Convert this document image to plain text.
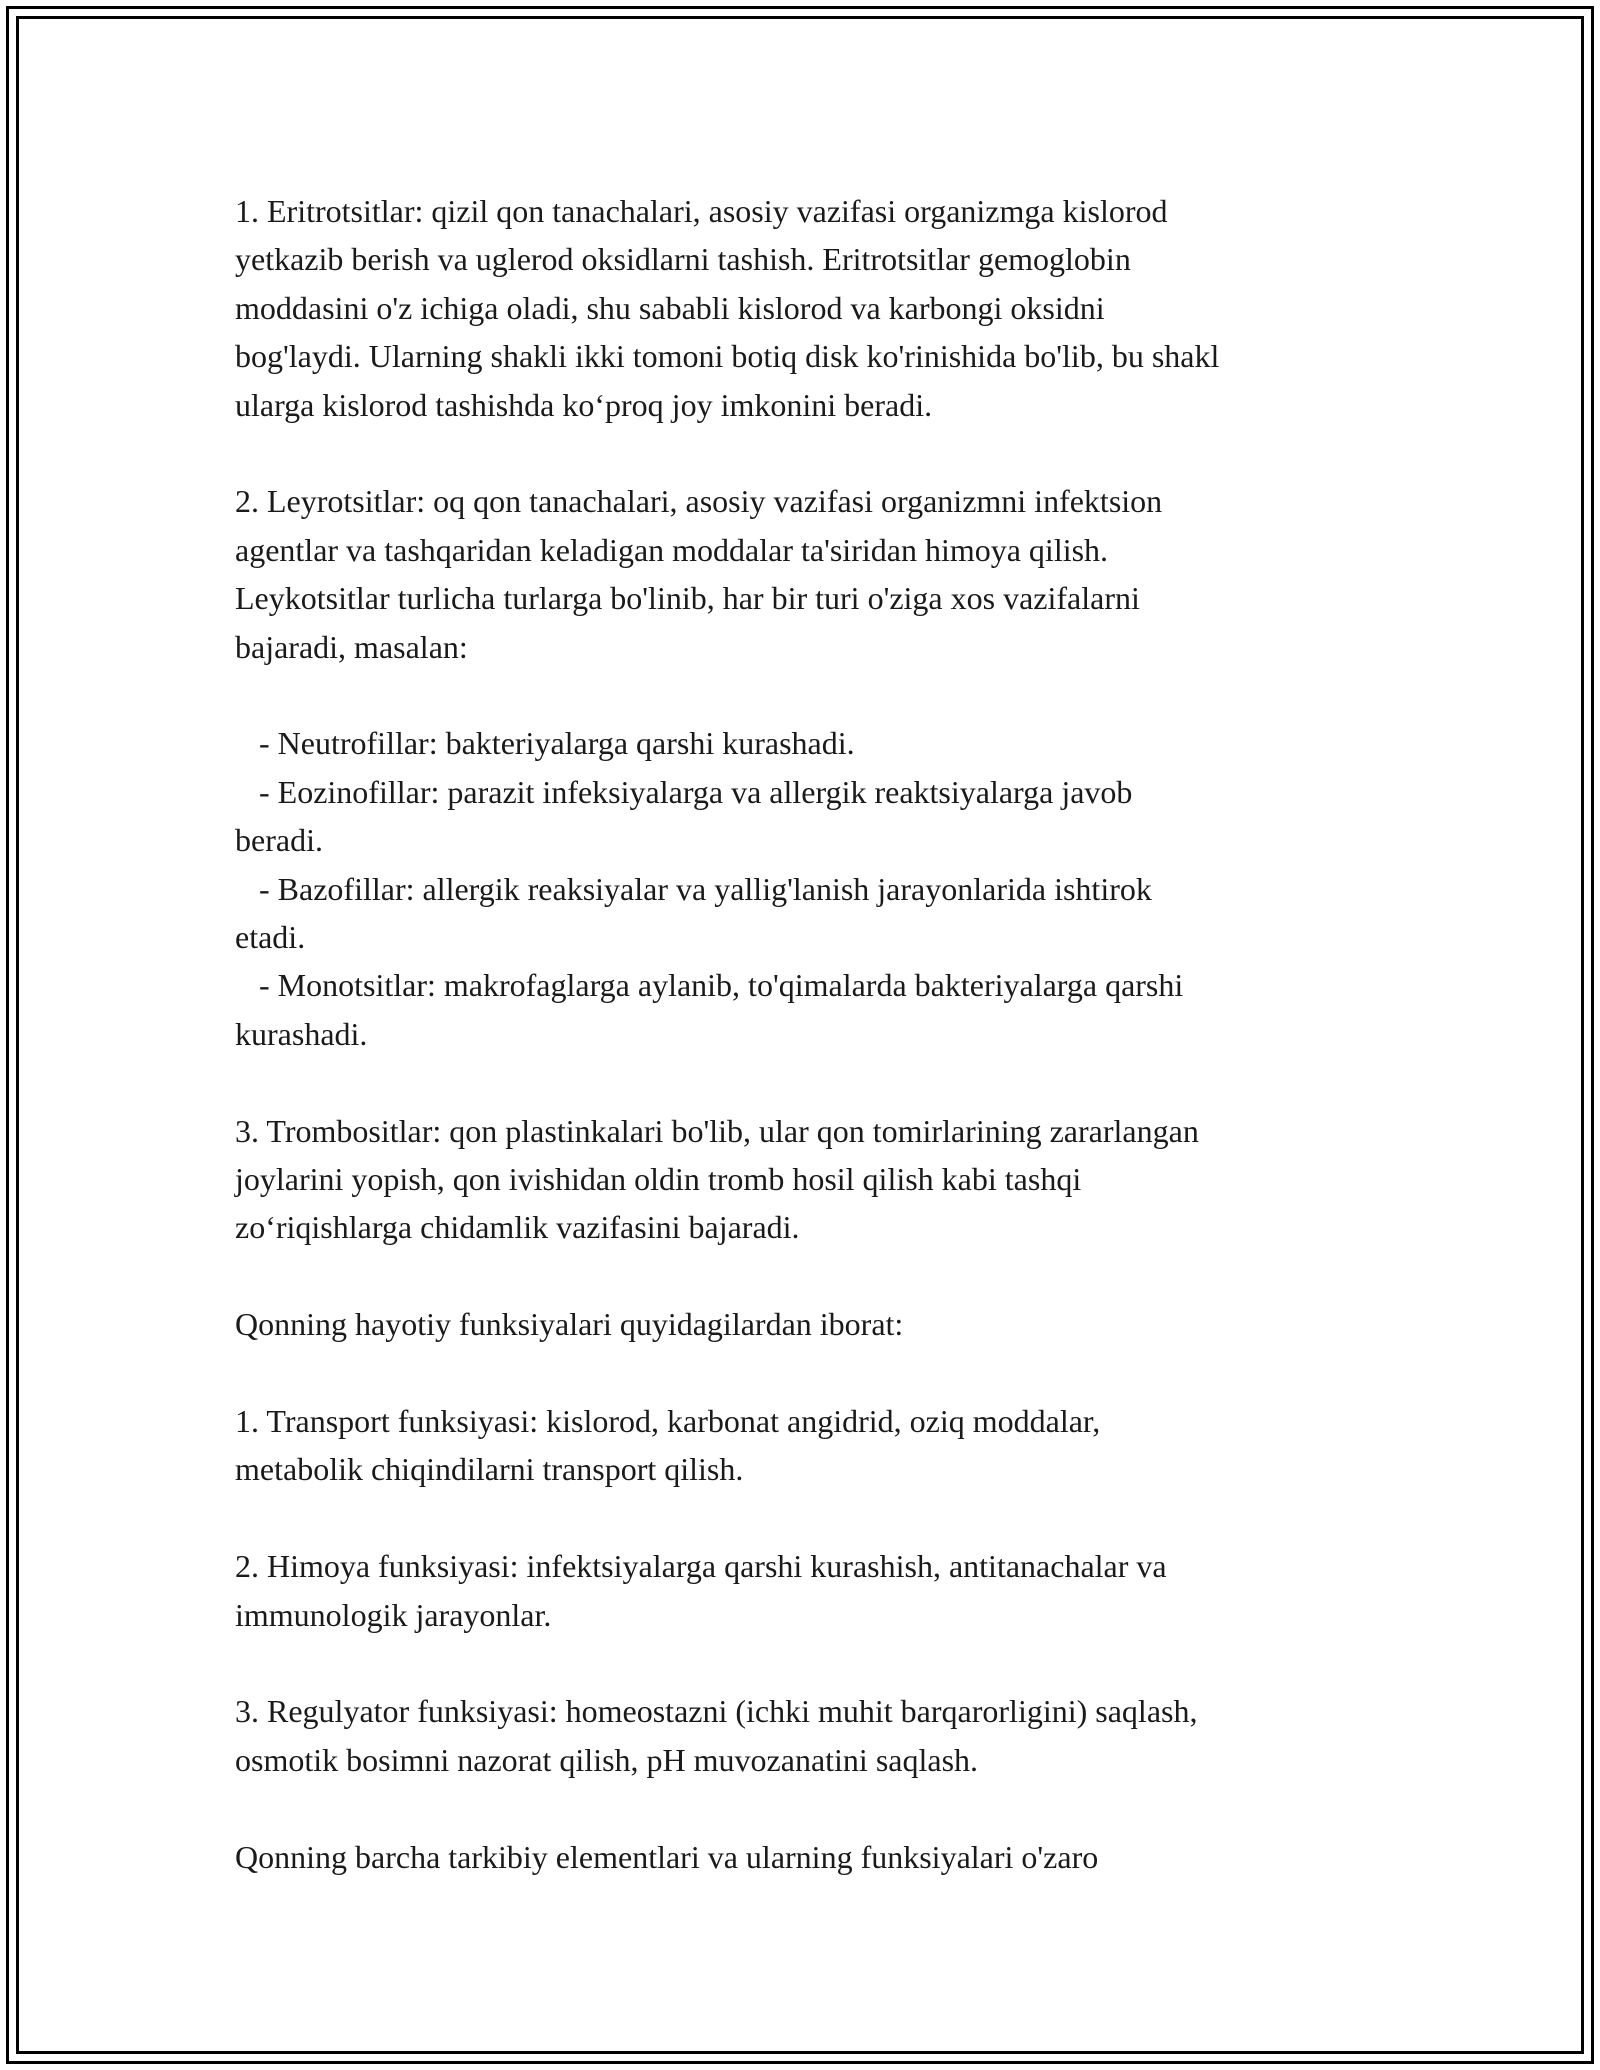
1. Eritrotsitlar: qizil qon tanachalari, asosiy vazifasi organizmga kislorod
yetkazib berish va uglerod oksidlarni tashish. Eritrotsitlar gemoglobin
moddasini o'z ichiga oladi, shu sababli kislorod va karbongi oksidni
bog'laydi. Ularning shakli ikki tomoni botiq disk ko'rinishida bo'lib, bu shakl
ularga kislorod tashishda ko‘proq joy imkonini beradi.

2. Leyrotsitlar: oq qon tanachalari, asosiy vazifasi organizmni infektsion
agentlar va tashqaridan keladigan moddalar ta'siridan himoya qilish.
Leykotsitlar turlicha turlarga bo'linib, har bir turi o'ziga xos vazifalarni
bajaradi, masalan:

- Neutrofillar: bakteriyalarga qarshi kurashadi.
- Eozinofillar: parazit infeksiyalarga va allergik reaktsiyalarga javob
beradi.
- Bazofillar: allergik reaksiyalar va yallig'lanish jarayonlarida ishtirok
etadi.
- Monotsitlar: makrofaglarga aylanib, to'qimalarda bakteriyalarga qarshi
kurashadi.

3. Trombositlar: qon plastinkalari bo'lib, ular qon tomirlarining zararlangan
joylarini yopish, qon ivishidan oldin tromb hosil qilish kabi tashqi
zo‘riqishlarga chidamlik vazifasini bajaradi.

Qonning hayotiy funksiyalari quyidagilardan iborat:

1. Transport funksiyasi: kislorod, karbonat angidrid, oziq moddalar,
metabolik chiqindilarni transport qilish.

2. Himoya funksiyasi: infektsiyalarga qarshi kurashish, antitanachalar va
immunologik jarayonlar.

3. Regulyator funksiyasi: homeostazni (ichki muhit barqarorligini) saqlash,
osmotik bosimni nazorat qilish, pH muvozanatini saqlash.

Qonning barcha tarkibiy elementlari va ularning funksiyalari o'zaro
